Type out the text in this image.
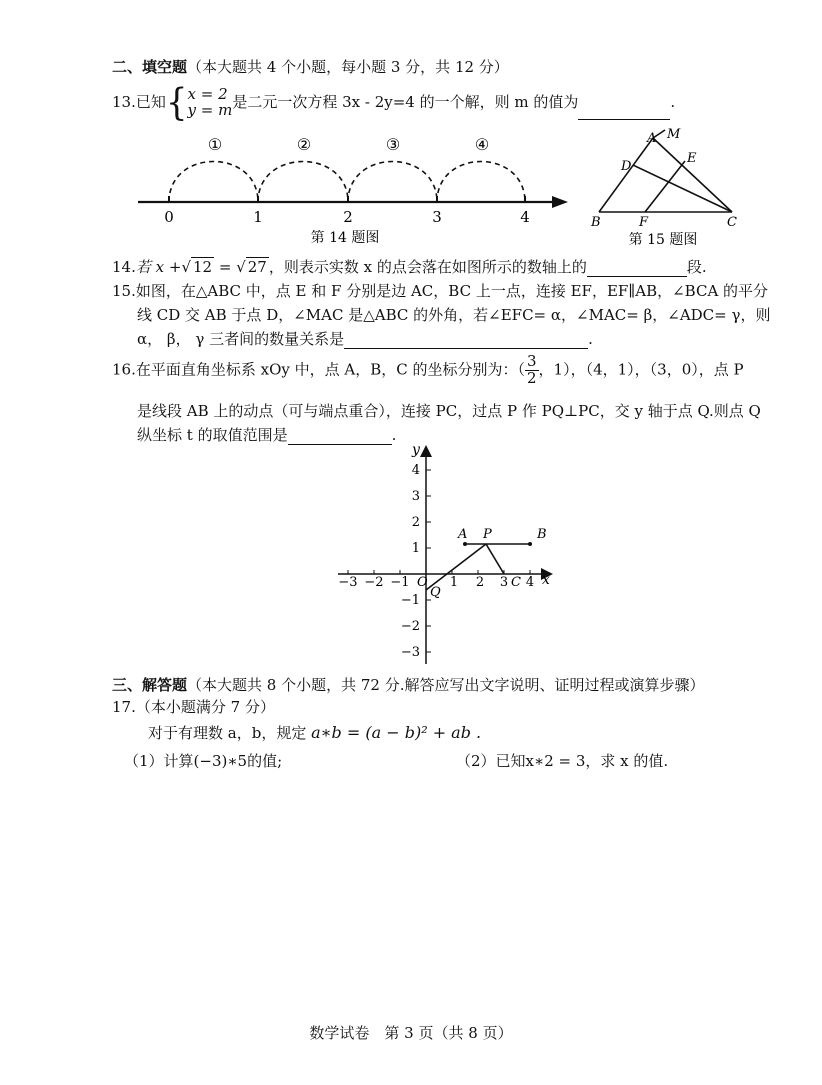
二、填空题（本大题共 4 个小题，每小题 3 分，共 12 分）
13.已知{ x = 2
y = m 是二元一次方程 3x - 2y=4 的一个解，则 m 的值为	.
①	②	③	④
0	1	2	3	4
第 14 题图
A M
D
E
B	F	C
第 15 题图
14.若 x +√ 12 = √ 27 ，则表示实数 x 的点会落在如图所示的数轴上的	段.
15.如图，在△ABC 中，点 E 和 F 分别是边 AC，BC 上一点，连接 EF，EF∥AB，∠BCA 的平分
线 CD 交 AB 于点 D，∠MAC 是△ABC 的外角，若∠EFC= α，∠MAC= β，∠ADC= γ，则
α， β， γ 三者间的数量关系是	.
16.在平面直角坐标系 xOy 中，点 A，B，C 的坐标分别为：（ $\frac{3}{2}$ ，1），（4，1），（3，0），点 P
是线段 AB 上的动点（可与端点重合），连接 PC，过点 P 作 PQ⊥PC，交 y 轴于点 Q.则点 Q
纵坐标 t 的取值范围是	.
−3 −2 −1 O 1 2 3 4 x
4
3
2
1
−1
−2
−3
y
A P	B
C
Q
三、解答题（本大题共 8 个小题，共 72 分.解答应写出文字说明、证明过程或演算步骤）
17.（本小题满分 7 分）
对于有理数 a，b，规定 a∗b = (a − b)² + ab .
（1）计算(−3)∗5的值;	（2）已知x∗2 = 3，求 x 的值.
数学试卷　第 3 页（共 8 页）
